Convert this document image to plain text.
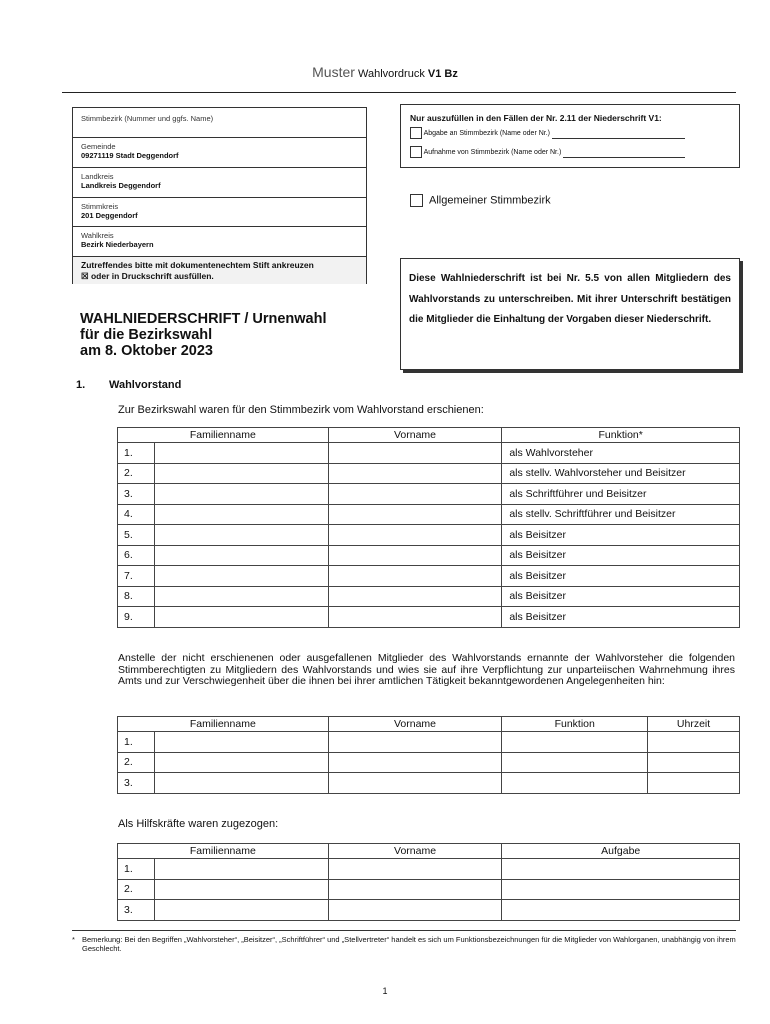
Muster Wahlvordruck V1 Bz
Stimmbezirk (Nummer und ggfs. Name)
Gemeinde
09271119 Stadt Deggendorf
Landkreis
Landkreis Deggendorf
Stimmkreis
201 Deggendorf
Wahlkreis
Bezirk Niederbayern
Zutreffendes bitte mit dokumentenechtem Stift ankreuzen
☒ oder in Druckschrift ausfüllen.
Nur auszufüllen in den Fällen der Nr. 2.11 der Niederschrift V1:
Abgabe an Stimmbezirk (Name oder Nr.)
Aufnahme von Stimmbezirk (Name oder Nr.)
Allgemeiner Stimmbezirk

Diese Wahlniederschrift ist bei Nr. 5.5 von allen Mitgliedern des Wahlvorstands zu unterschreiben. Mit ihrer Unterschrift bestätigen die Mitglieder die Einhaltung der Vorgaben dieser Niederschrift.

WAHLNIEDERSCHRIFT / Urnenwahl
für die Bezirkswahl
am 8. Oktober 2023
1. Wahlvorstand
Zur Bezirkswahl waren für den Stimmbezirk vom Wahlvorstand erschienen:
Familienname		Vorname	Funktion*
1.			als Wahlvorsteher
2.			als stellv. Wahlvorsteher und Beisitzer
3.			als Schriftführer und Beisitzer
4.			als stellv. Schriftführer und Beisitzer
5.			als Beisitzer
6.			als Beisitzer
7.			als Beisitzer
8.			als Beisitzer
9.			als Beisitzer
Anstelle der nicht erschienenen oder ausgefallenen Mitglieder des Wahlvorstands ernannte der Wahlvorsteher die folgenden Stimmberechtigten zu Mitgliedern des Wahlvorstands und wies sie auf ihre Verpflichtung zur unparteiischen Wahrnehmung ihres Amts und zur Verschwiegenheit über die ihnen bei ihrer amtlichen Tätigkeit bekanntgewordenen Angelegenheiten hin:
Familienname		Vorname	Funktion	Uhrzeit
1.				
2.				
3.				
Als Hilfskräfte waren zugezogen:
Familienname		Vorname	Aufgabe
1.			
2.			
3.			
* Bemerkung: Bei den Begriffen „Wahlvorsteher“, „Beisitzer“, „Schriftführer“ und „Stellvertreter“ handelt es sich um Funktionsbezeichnungen für die Mitglieder von Wahlorganen, unabhängig von ihrem Geschlecht.
1
